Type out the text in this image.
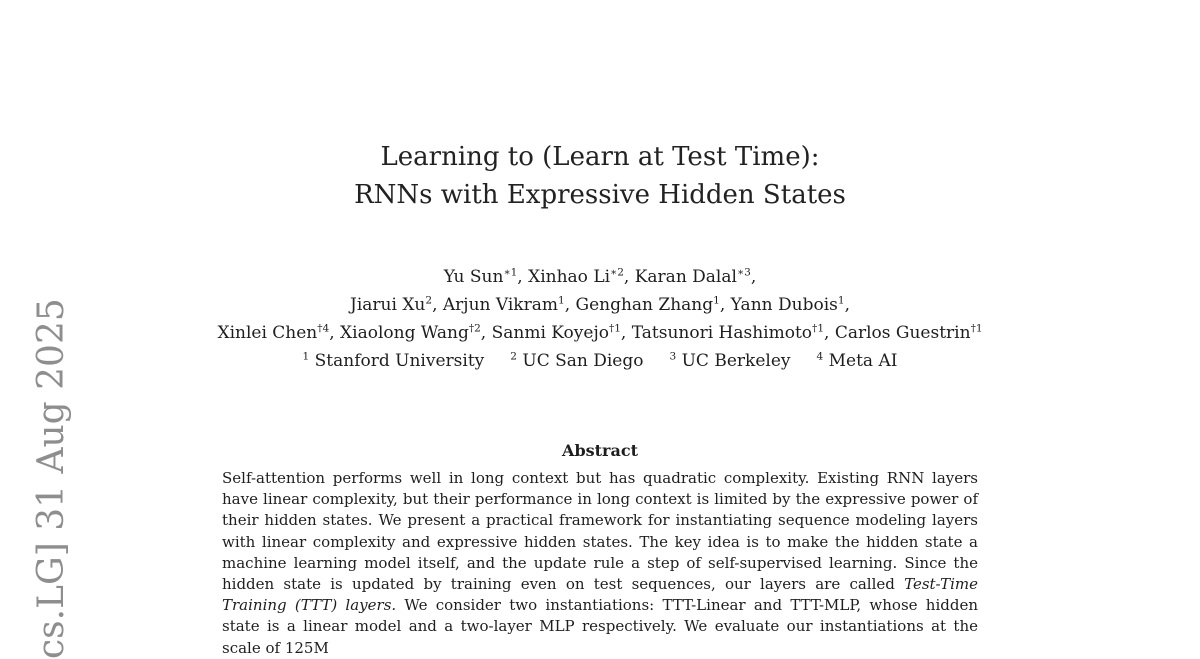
cs.LG] 31 Aug 2025
Learning to (Learn at Test Time):
RNNs with Expressive Hidden States
Yu Sun$^{∗1}$, Xinhao $Li^{∗2}$, Karan Dalal$^{∗3}$,
Jiarui Xu$^2$, Arjun Vikram$^1$, Genghan Zhang$^1$, Yann Dubois$^1$,
Xinlei Chen$^{\dagger 4}$, Xiaolong Wang$^{\dagger 2}$, Sanmi Koyejo$^{\dagger 1}$, Tatsunori Hashimoto$^{\dagger 1}$, Carlos Guestrin$^{\dagger 1}$
$^1$ Stanford University $^2$ UC San Diego $^3$ UC Berkeley $^4$ Meta AI
Abstract

Self-attention performs well in long context but has quadratic complexity. Existing RNN layers have linear complexity, but their performance in long context is limited by the expressive power of their hidden states. We present a practical framework for instantiating sequence modeling layers with linear complexity and expressive hidden states. The key idea is to make the hidden state a machine learning model itself, and the update rule a step of self-supervised learning. Since the hidden state is updated by training even on test sequences, our layers are called Test-Time Training (TTT) layers. We consider two instantiations: TTT-Linear and TTT-MLP, whose hidden state is a linear model and a two-layer MLP respectively. We evaluate our instantiations at the scale of 125M
